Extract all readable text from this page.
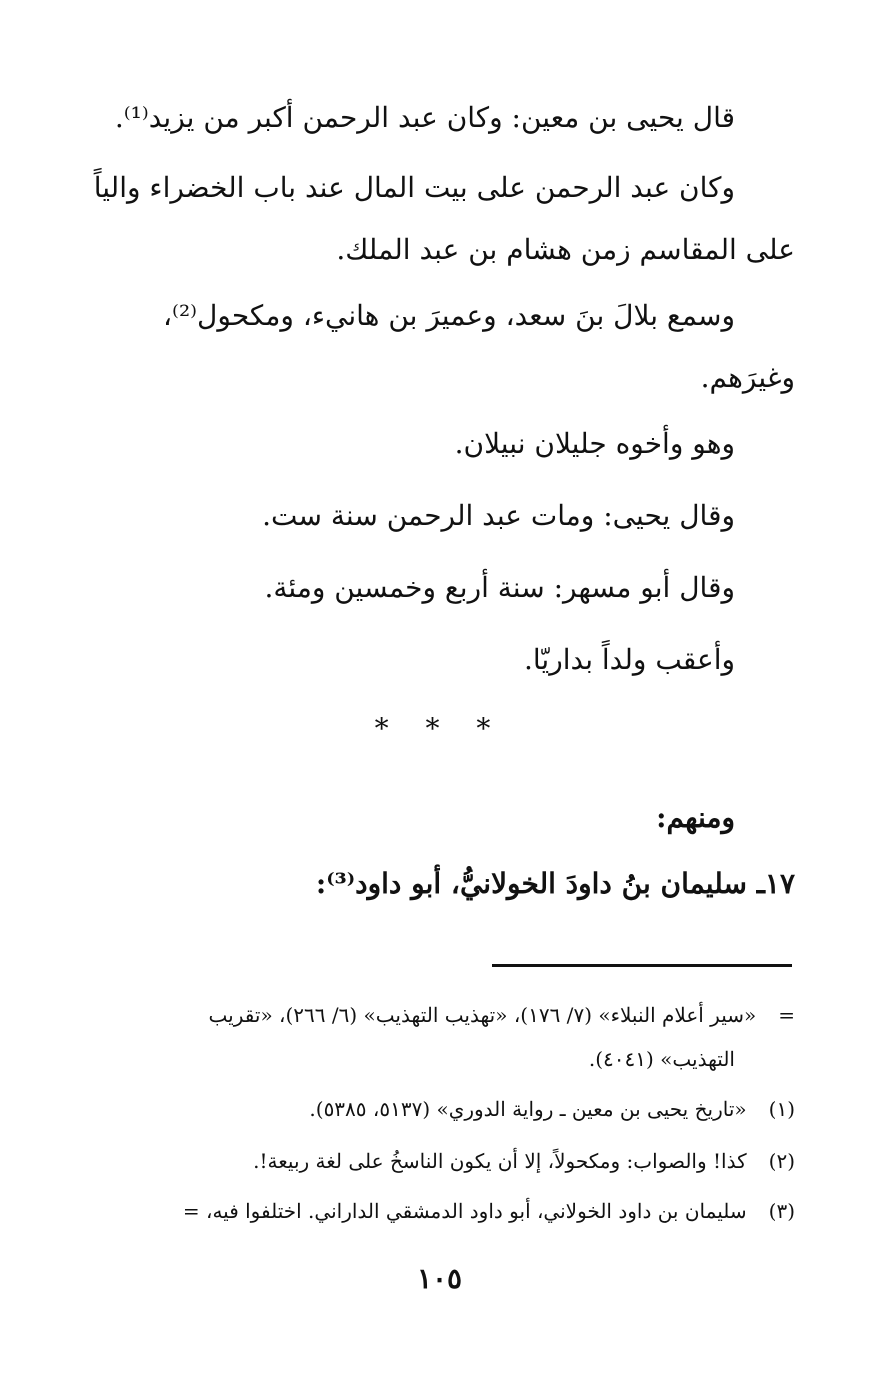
قال يحيى بن معين: وكان عبد الرحمن أكبر من يزيد⁽¹⁾.
وكان عبد الرحمن على بيت المال عند باب الخضراء والياً
على المقاسم زمن هشام بن عبد الملك.
وسمع بلالَ بنَ سعد، وعميرَ بن هانيء، ومكحول⁽²⁾،
وغيرَهم.
وهو وأخوه جليلان نبيلان.
وقال يحيى: ومات عبد الرحمن سنة ست.
وقال أبو مسهر: سنة أربع وخمسين ومئة.
وأعقب ولداً بداريّا.
* * *
ومنهم:
١٧ـ سليمان بنُ داودَ الخولانيُّ، أبو داود⁽³⁾:
=«سير أعلام النبلاء» (٧/ ١٧٦)، «تهذيب التهذيب» (٦/ ٢٦٦)، «تقريب
التهذيب» (٤٠٤١).
(١)«تاريخ يحيى بن معين ـ رواية الدوري» (٥١٣٧، ٥٣٨٥).
(٢)كذا! والصواب: ومكحولاً، إلا أن يكون الناسخُ على لغة ربيعة!.
(٣)سليمان بن داود الخولاني، أبو داود الدمشقي الداراني. اختلفوا فيه، =
١٠٥
